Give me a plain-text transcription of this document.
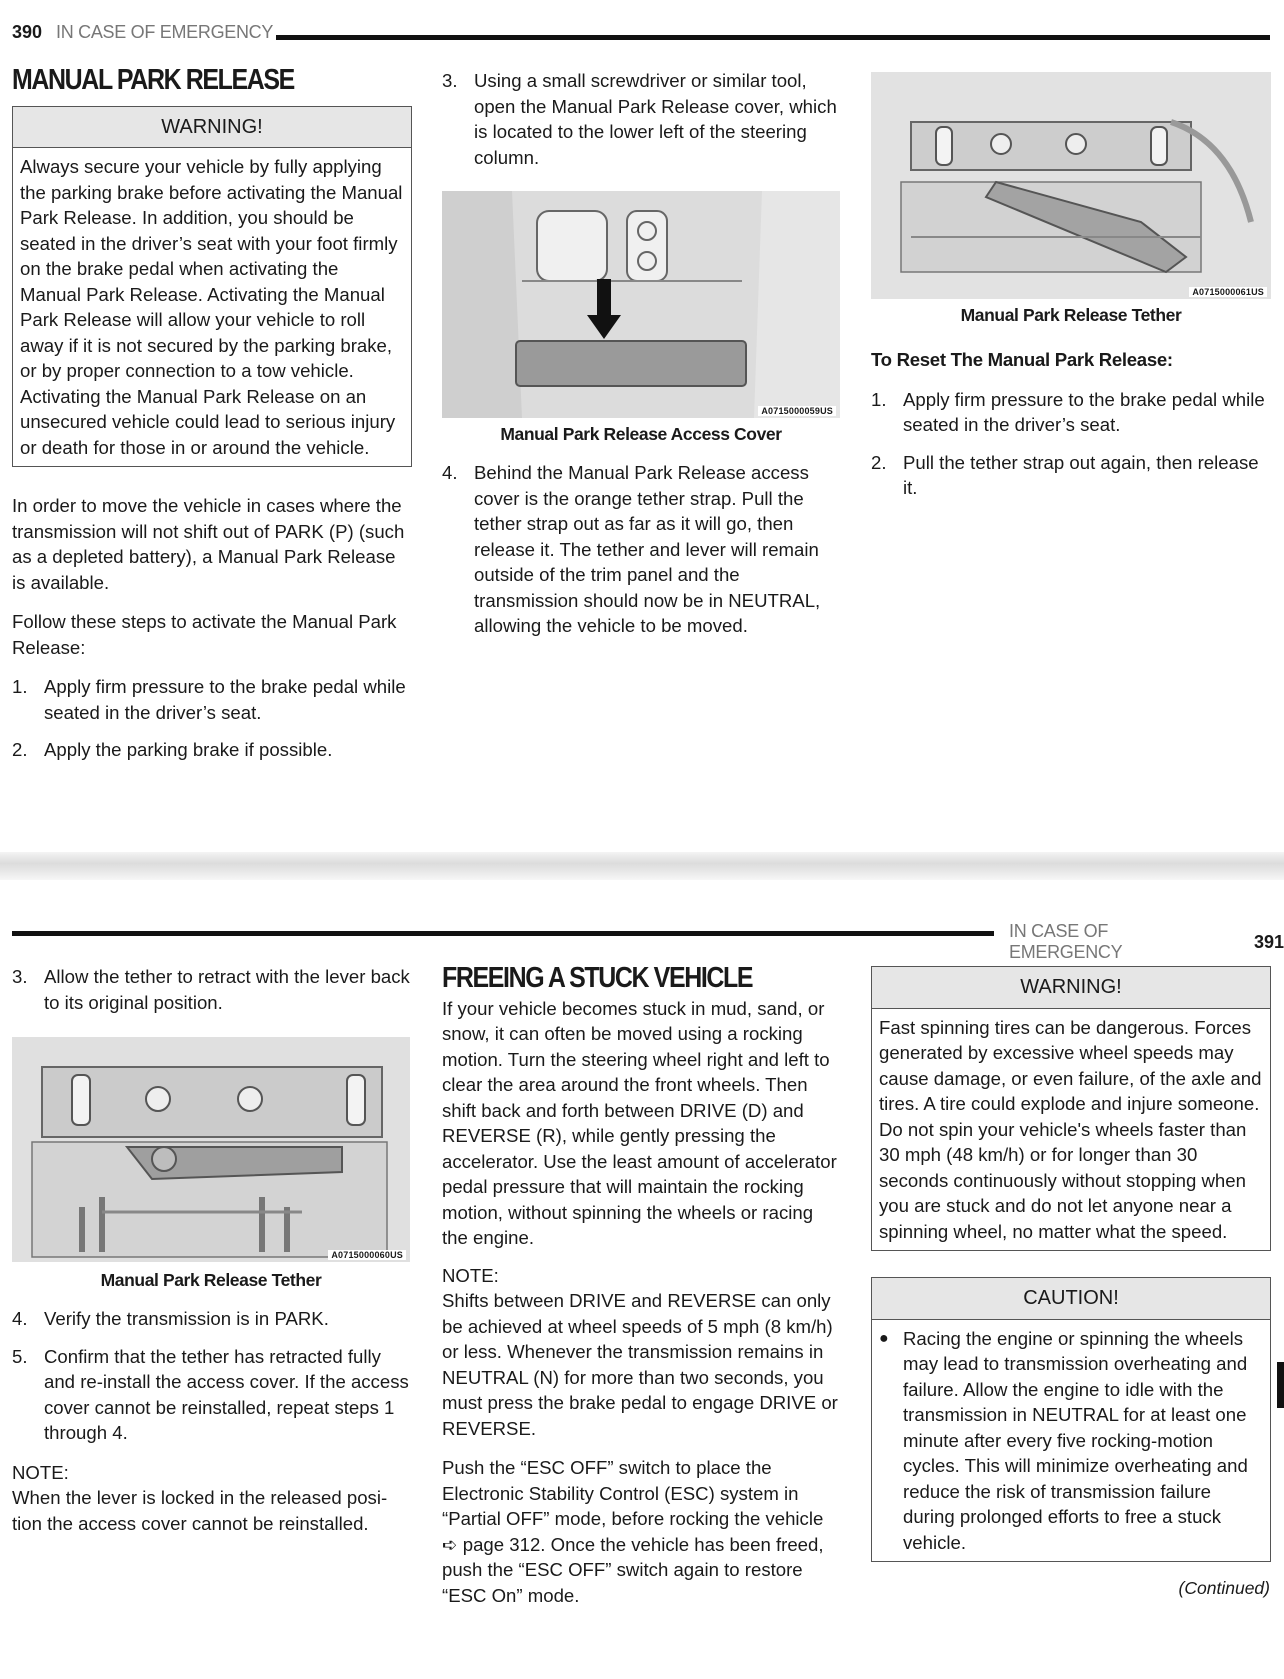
390 IN CASE OF EMERGENCY
MANUAL PARK RELEASE
WARNING!
Always secure your vehicle by fully applying the parking brake before activating the Manual Park Release. In addition, you should be seated in the driver’s seat with your foot firmly on the brake pedal when activating the Manual Park Release. Activating the Manual Park Release will allow your vehicle to roll away if it is not secured by the parking brake, or by proper connection to a tow vehicle. Activating the Manual Park Release on an unsecured vehicle could lead to serious injury or death for those in or around the vehicle.

In order to move the vehicle in cases where the transmission will not shift out of PARK (P) (such as a depleted battery), a Manual Park Release is available.

Follow these steps to activate the Manual Park Release:

1. Apply firm pressure to the brake pedal while seated in the driver’s seat.
2. Apply the parking brake if possible.
3. Using a small screwdriver or similar tool, open the Manual Park Release cover, which is located to the lower left of the steering column.
A0715000059US
Manual Park Release Access Cover
4. Behind the Manual Park Release access cover is the orange tether strap. Pull the tether strap out as far as it will go, then release it. The tether and lever will remain outside of the trim panel and the transmission should now be in NEUTRAL, allowing the vehicle to be moved.
A0715000061US
Manual Park Release Tether
To Reset The Manual Park Release:
1. Apply firm pressure to the brake pedal while seated in the driver’s seat.
2. Pull the tether strap out again, then release it.
IN CASE OF EMERGENCY
391
3. Allow the tether to retract with the lever back to its original position.
A0715000060US
Manual Park Release Tether
4. Verify the transmission is in PARK.
5. Confirm that the tether has retracted fully and re-install the access cover. If the access cover cannot be reinstalled, repeat steps 1 through 4.
NOTE:
When the lever is locked in the released posi- tion the access cover cannot be reinstalled.
FREEING A STUCK VEHICLE

If your vehicle becomes stuck in mud, sand, or snow, it can often be moved using a rocking motion. Turn the steering wheel right and left to clear the area around the front wheels. Then shift back and forth between DRIVE (D) and REVERSE (R), while gently pressing the accelerator. Use the least amount of accelerator pedal pressure that will maintain the rocking motion, without spinning the wheels or racing the engine.

NOTE:

Shifts between DRIVE and REVERSE can only be achieved at wheel speeds of 5 mph (8 km/h) or less. Whenever the transmission remains in NEUTRAL (N) for more than two seconds, you must press the brake pedal to engage DRIVE or REVERSE.

Push the “ESC OFF” switch to place the Electronic Stability Control (ESC) system in “Partial OFF” mode, before rocking the vehicle ➪ page 312. Once the vehicle has been freed, push the “ESC OFF” switch again to restore “ESC On” mode.

WARNING!
Fast spinning tires can be dangerous. Forces generated by excessive wheel speeds may cause damage, or even failure, of the axle and tires. A tire could explode and injure someone. Do not spin your vehicle's wheels faster than 30 mph (48 km/h) or for longer than 30 seconds continuously without stopping when you are stuck and do not let anyone near a spinning wheel, no matter what the speed.
CAUTION!
● Racing the engine or spinning the wheels may lead to transmission overheating and failure. Allow the engine to idle with the transmission in NEUTRAL for at least one minute after every five rocking-motion cycles. This will minimize overheating and reduce the risk of transmission failure during prolonged efforts to free a stuck vehicle.
(Continued)
